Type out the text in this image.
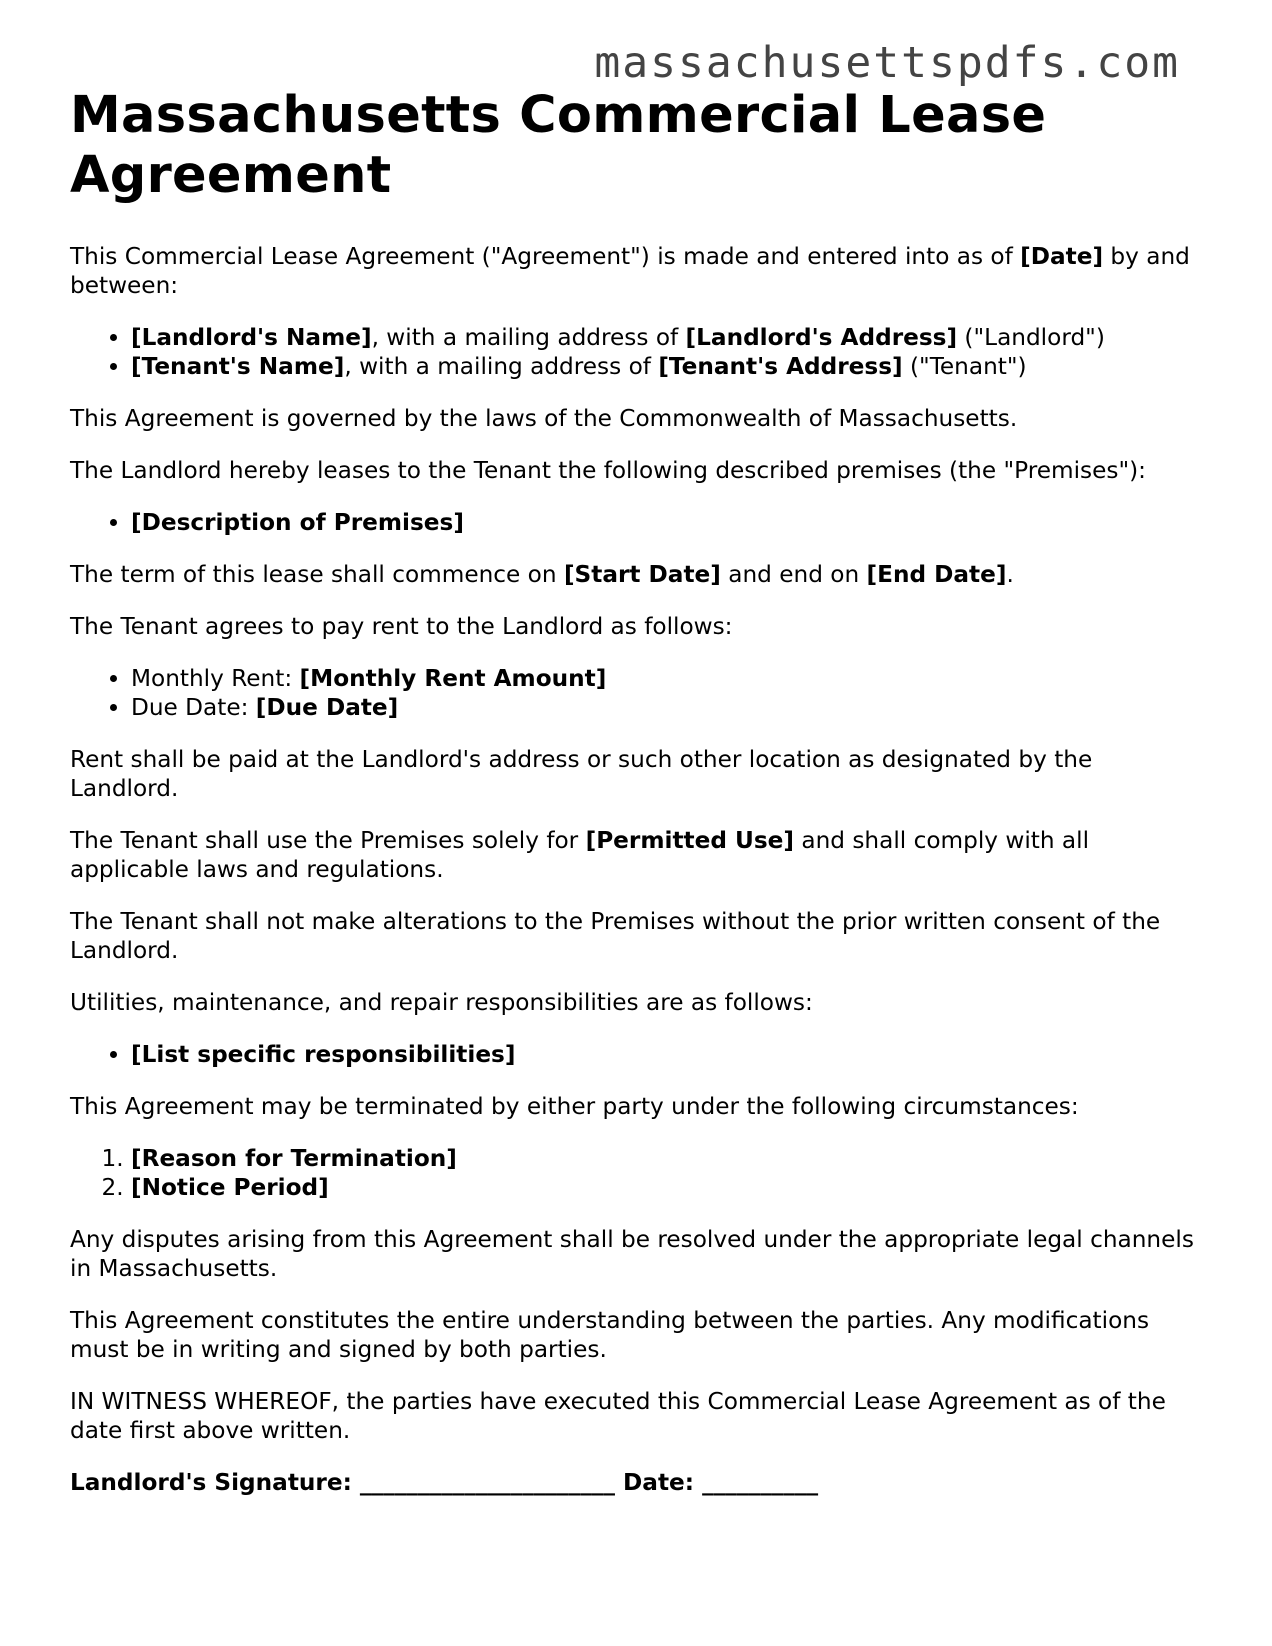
massachusettspdfs.com
Massachusetts Commercial Lease Agreement

This Commercial Lease Agreement ("Agreement") is made and entered into as of [Date] by and between:

• [Landlord's Name], with a mailing address of [Landlord's Address] ("Landlord")
• [Tenant's Name], with a mailing address of [Tenant's Address] ("Tenant")

This Agreement is governed by the laws of the Commonwealth of Massachusetts.

The Landlord hereby leases to the Tenant the following described premises (the "Premises"):

• [Description of Premises]

The term of this lease shall commence on [Start Date] and end on [End Date].

The Tenant agrees to pay rent to the Landlord as follows:

• Monthly Rent: [Monthly Rent Amount]
• Due Date: [Due Date]

Rent shall be paid at the Landlord's address or such other location as designated by the Landlord.

The Tenant shall use the Premises solely for [Permitted Use] and shall comply with all applicable laws and regulations.

The Tenant shall not make alterations to the Premises without the prior written consent of the Landlord.

Utilities, maintenance, and repair responsibilities are as follows:

• [List specific responsibilities]

This Agreement may be terminated by either party under the following circumstances:

1. [Reason for Termination]
2. [Notice Period]

Any disputes arising from this Agreement shall be resolved under the appropriate legal channels in Massachusetts.

This Agreement constitutes the entire understanding between the parties. Any modifications must be in writing and signed by both parties.

IN WITNESS WHEREOF, the parties have executed this Commercial Lease Agreement as of the date first above written.

Landlord's Signature: ______________________ Date: __________
